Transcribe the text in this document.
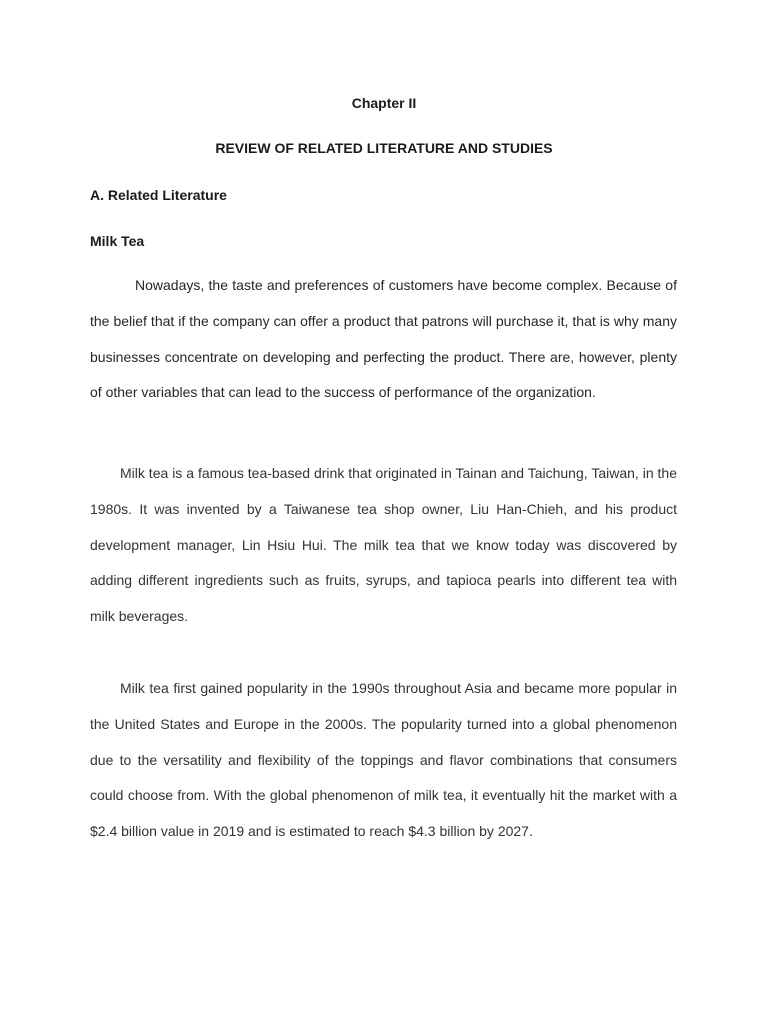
Chapter II
REVIEW OF RELATED LITERATURE AND STUDIES
A. Related Literature
Milk Tea

Nowadays, the taste and preferences of customers have become complex. Because of the belief that if the company can offer a product that patrons will purchase it, that is why many businesses concentrate on developing and perfecting the product. There are, however, plenty of other variables that can lead to the success of performance of the organization.

Milk tea is a famous tea-based drink that originated in Tainan and Taichung, Taiwan, in the 1980s. It was invented by a Taiwanese tea shop owner, Liu Han-Chieh, and his product development manager, Lin Hsiu Hui. The milk tea that we know today was discovered by adding different ingredients such as fruits, syrups, and tapioca pearls into different tea with milk beverages.

Milk tea first gained popularity in the 1990s throughout Asia and became more popular in the United States and Europe in the 2000s. The popularity turned into a global phenomenon due to the versatility and flexibility of the toppings and flavor combinations that consumers could choose from. With the global phenomenon of milk tea, it eventually hit the market with a $2.4 billion value in 2019 and is estimated to reach $4.3 billion by 2027.
